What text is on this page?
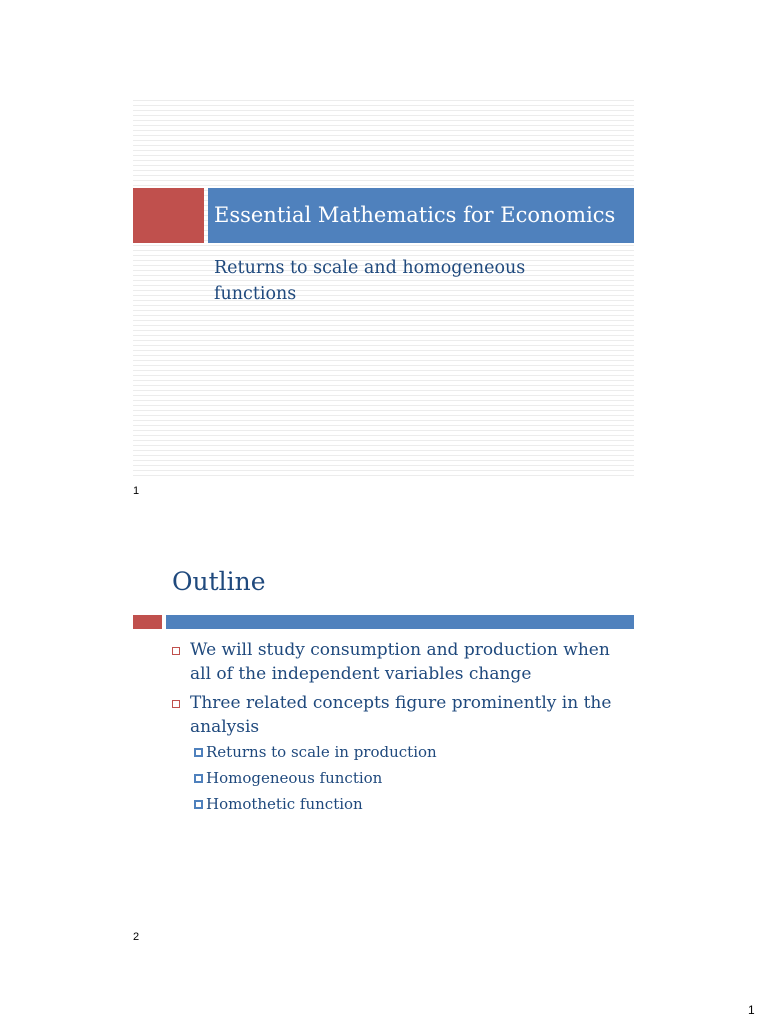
Essential Mathematics for Economics
Returns to scale and homogeneous functions
1
Outline
We will study consumption and production when all of the independent variables change
Three related concepts figure prominently in the analysis
Returns to scale in production
Homogeneous function
Homothetic function
2
1
